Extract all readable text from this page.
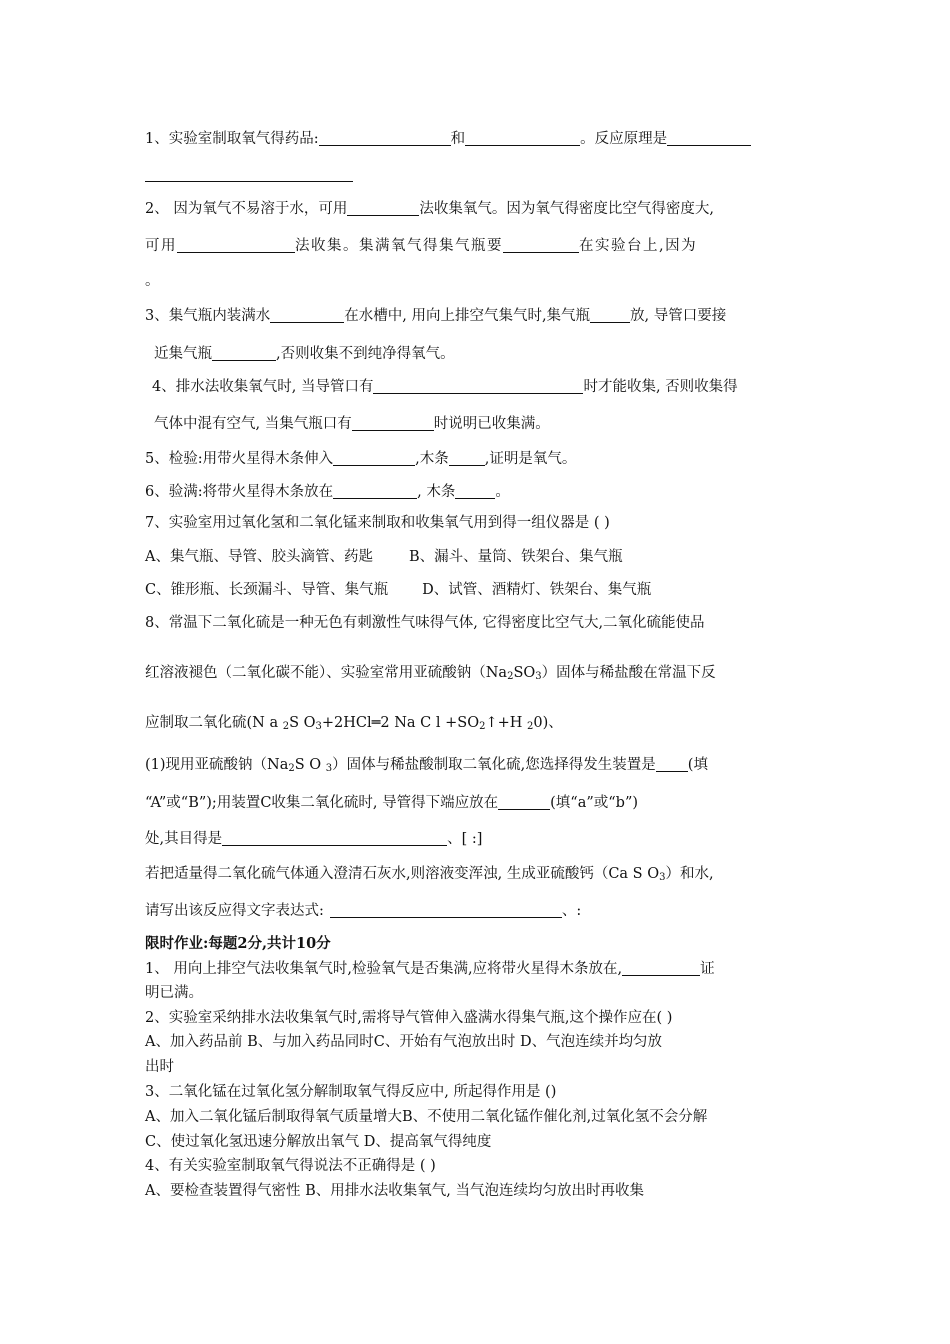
1、实验室制取氧气得药品:	和	。反应原理是
2、 因为氧气不易溶于水，可用	法收集氧气。因为氧气得密度比空气得密度大,
可用	法收集。集满氧气得集气瓶要	在实验台上,因为
。
3、集气瓶内装满水	在水槽中, 用向上排空气集气时,集气瓶	放, 导管口要接
近集气瓶	,否则收集不到纯净得氧气。
4、排水法收集氧气时, 当导管口有	时才能收集, 否则收集得
气体中混有空气, 当集气瓶口有	时说明已收集满。
5、检验:用带火星得木条伸入	,木条 ,证明是氧气。
6、验满:将带火星得木条放在	, 木条	。
7、实验室用过氧化氢和二氧化锰来制取和收集氧气用到得一组仪器是 ( )
A、集气瓶、导管、胶头滴管、药匙 B、漏斗、量筒、铁架台、集气瓶
C、锥形瓶、长颈漏斗、导管、集气瓶 D、试管、酒精灯、铁架台、集气瓶
8、常温下二氧化硫是一种无色有刺激性气味得气体, 它得密度比空气大,二氧化硫能使品
红溶液褪色（二氧化碳不能）、实验室常用亚硫酸钠$(Na_2SO_3)$固体与稀盐酸在常温下反
应制取二氧化硫(N a $_2$S $O_3+2HCl═2$ Na C $l +SO_2↑+H$ $_2$0)、
(1)现用亚硫酸钠（$Na_2S$ O $_3$）固体与稀盐酸制取二氧化硫,您选择得发生装置是 (填
“A”或“B”);用装置C收集二氧化硫时, 导管得下端应放在	(填“a”或“b”)
处,其目得是	、[ :]
若把适量得二氧化硫气体通入澄清石灰水,则溶液变浑浊, 生成亚硫酸钙（Ca S $O_3$）和水,
请写出该反应得文字表达式:	、:
限时作业:每题2分,共计10分
1、 用向上排空气法收集氧气时,检验氧气是否集满,应将带火星得木条放在,	证
明已满。
2、实验室采纳排水法收集氧气时,需将导气管伸入盛满水得集气瓶,这个操作应在( )
A、加入药品前 B、与加入药品同时C、开始有气泡放出时 D、气泡连续并均匀放
出时
3、二氧化锰在过氧化氢分解制取氧气得反应中, 所起得作用是 ()
A、加入二氧化锰后制取得氧气质量增大B、不使用二氧化锰作催化剂,过氧化氢不会分解
C、使过氧化氢迅速分解放出氧气 D、提高氧气得纯度
4、有关实验室制取氧气得说法不正确得是 ( )
A、要检查装置得气密性 B、用排水法收集氧气, 当气泡连续均匀放出时再收集
